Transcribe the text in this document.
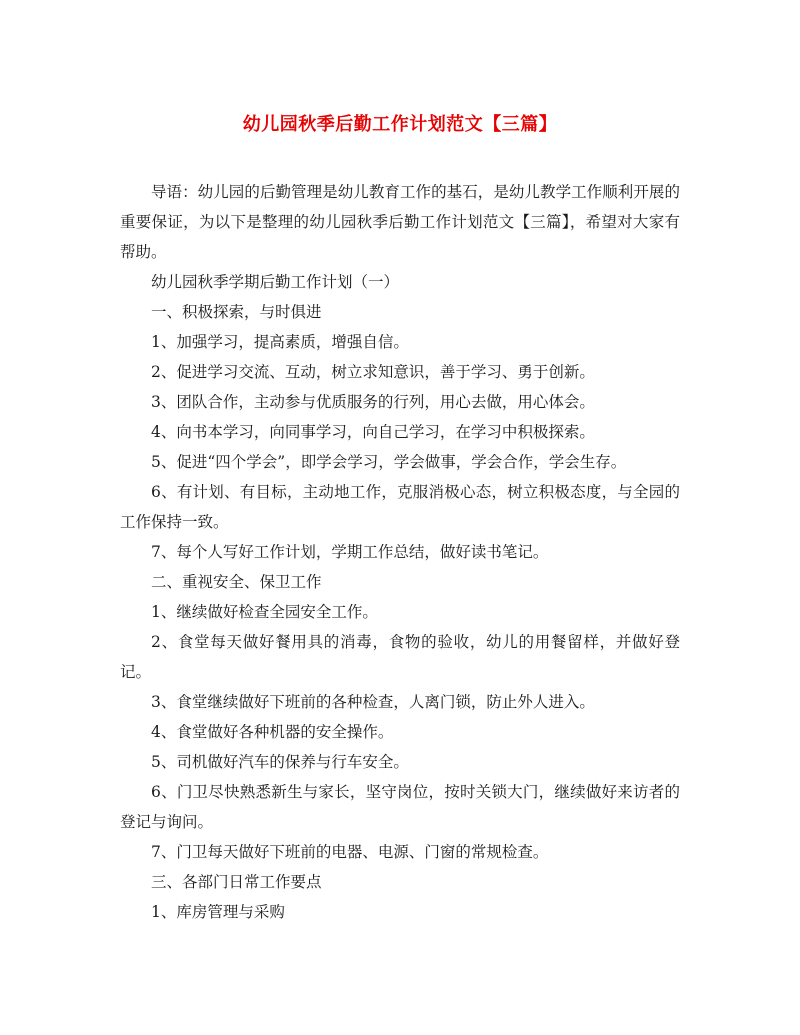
幼儿园秋季后勤工作计划范文【三篇】

导语：幼儿园的后勤管理是幼儿教育工作的基石，是幼儿教学工作顺利开展的重要保证，为以下是整理的幼儿园秋季后勤工作计划范文【三篇】，希望对大家有帮助。

幼儿园秋季学期后勤工作计划（一）

一、积极探索，与时俱进

1、加强学习，提高素质，增强自信。

2、促进学习交流、互动，树立求知意识，善于学习、勇于创新。

3、团队合作，主动参与优质服务的行列，用心去做，用心体会。

4、向书本学习，向同事学习，向自己学习，在学习中积极探索。

5、促进“四个学会”，即学会学习，学会做事，学会合作，学会生存。

6、有计划、有目标，主动地工作，克服消极心态，树立积极态度，与全园的工作保持一致。

7、每个人写好工作计划，学期工作总结，做好读书笔记。

二、重视安全、保卫工作

1、继续做好检查全园安全工作。

2、食堂每天做好餐用具的消毒，食物的验收，幼儿的用餐留样，并做好登记。

3、食堂继续做好下班前的各种检查，人离门锁，防止外人进入。

4、食堂做好各种机器的安全操作。

5、司机做好汽车的保养与行车安全。

6、门卫尽快熟悉新生与家长，坚守岗位，按时关锁大门，继续做好来访者的登记与询问。

7、门卫每天做好下班前的电器、电源、门窗的常规检查。

三、各部门日常工作要点

1、库房管理与采购
